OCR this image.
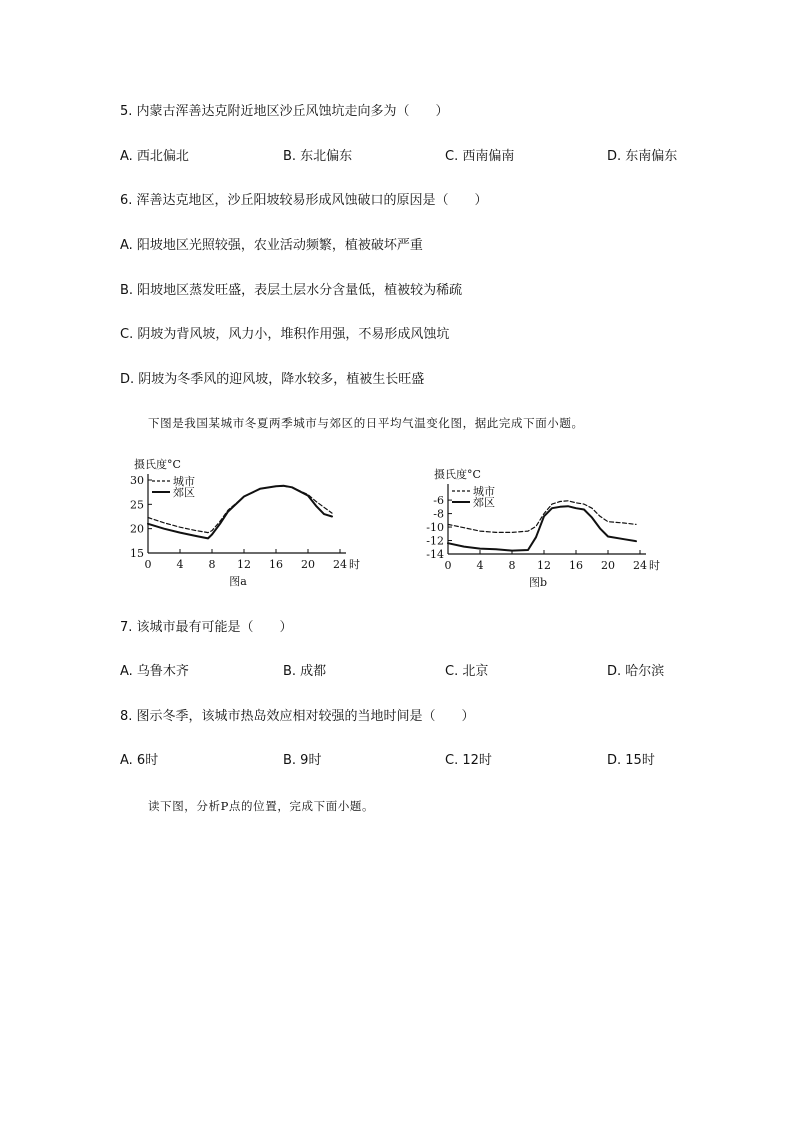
5. 内蒙古浑善达克附近地区沙丘风蚀坑走向多为（　　）
A. 西北偏北	B. 东北偏东	C. 西南偏南	D. 东南偏东
6. 浑善达克地区，沙丘阳坡较易形成风蚀破口的原因是（　　）
A. 阳坡地区光照较强，农业活动频繁，植被破坏严重
B. 阳坡地区蒸发旺盛，表层土层水分含量低，植被较为稀疏
C. 阴坡为背风坡，风力小，堆积作用强，不易形成风蚀坑
D. 阴坡为冬季风的迎风坡，降水较多，植被生长旺盛
下图是我国某城市冬夏两季城市与郊区的日平均气温变化图，据此完成下面小题。
摄氏度°C
15
20
25
30
0 4 8 12 16 20 24 时
图a
城市
郊区
摄氏度°C
-6
-8
-10
-12
-14
0 4 8 12 16 20 24 时
图b
城市
郊区
7. 该城市最有可能是（　　）
A. 乌鲁木齐	B. 成都	C. 北京	D. 哈尔滨
8. 图示冬季，该城市热岛效应相对较强的当地时间是（　　）
A. 6时	B. 9时	C. 12时	D. 15时
读下图，分析P点的位置，完成下面小题。
